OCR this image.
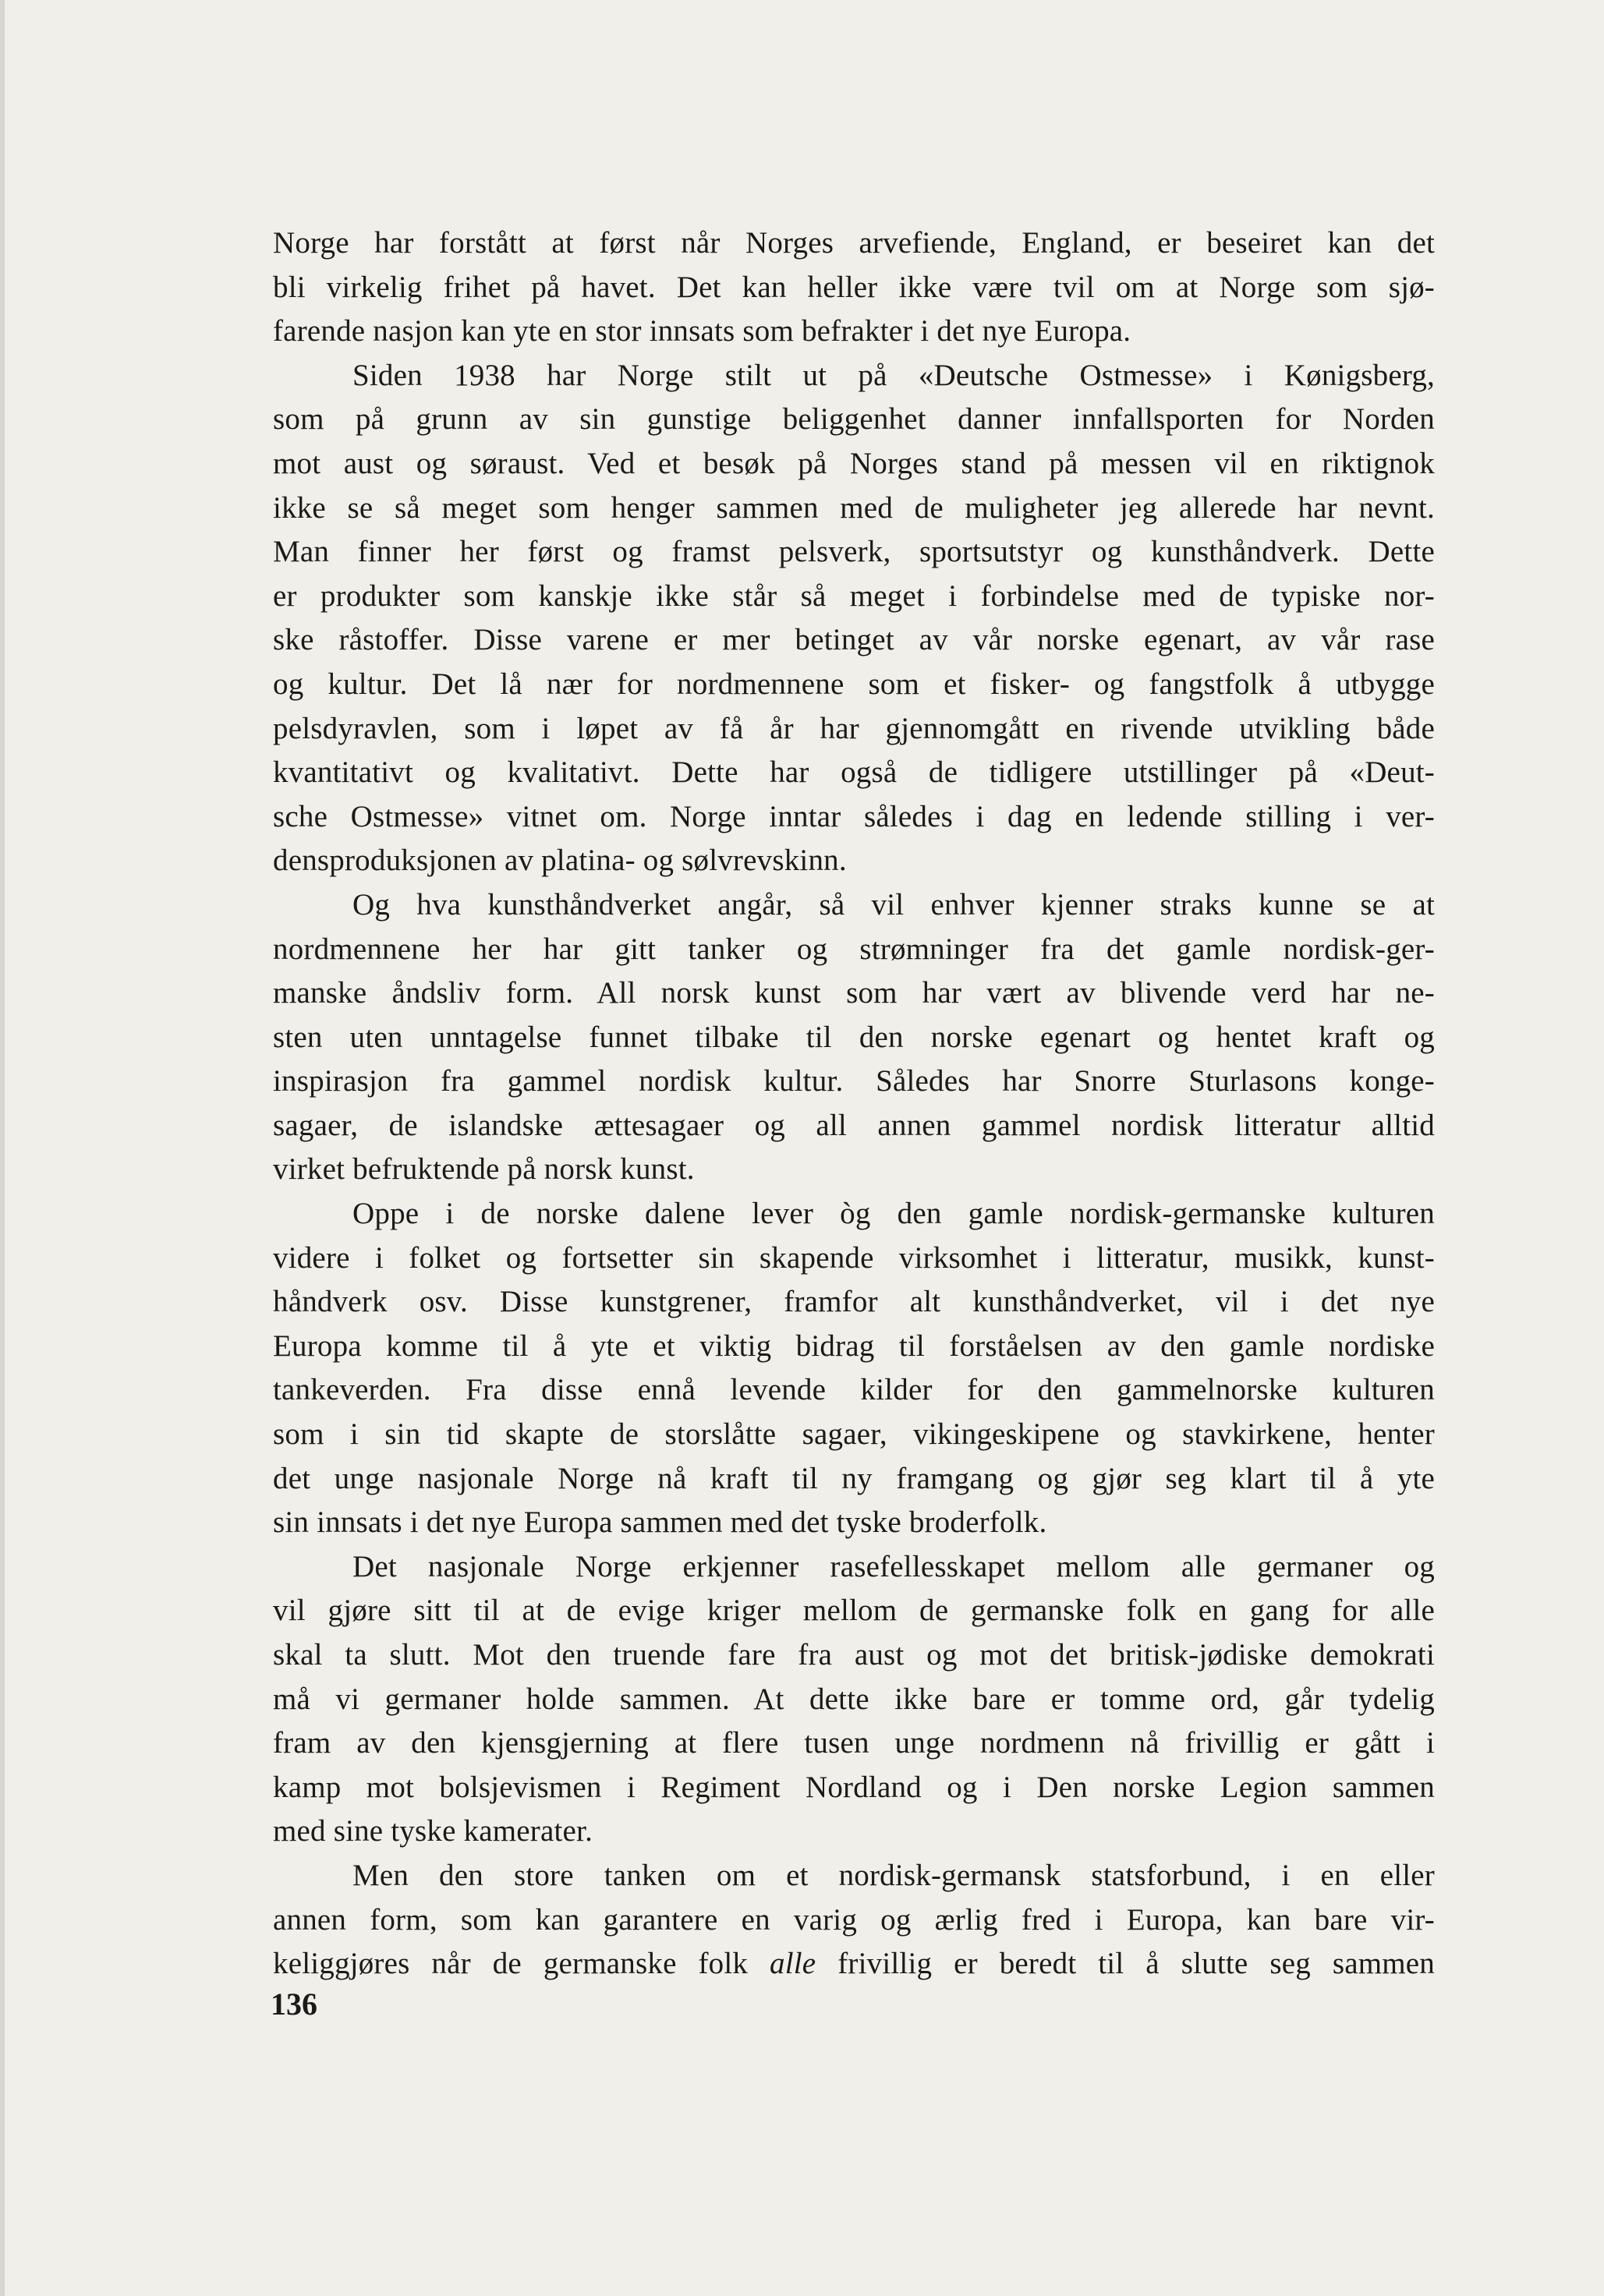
Norge har forstått at først når Norges arvefiende, England, er beseiret kan det
bli virkelig frihet på havet. Det kan heller ikke være tvil om at Norge som sjø-
farende nasjon kan yte en stor innsats som befrakter i det nye Europa.
Siden 1938 har Norge stilt ut på «Deutsche Ostmesse» i Kønigsberg,
som på grunn av sin gunstige beliggenhet danner innfallsporten for Norden
mot aust og søraust. Ved et besøk på Norges stand på messen vil en riktignok
ikke se så meget som henger sammen med de muligheter jeg allerede har nevnt.
Man finner her først og framst pelsverk, sportsutstyr og kunsthåndverk. Dette
er produkter som kanskje ikke står så meget i forbindelse med de typiske nor-
ske råstoffer. Disse varene er mer betinget av vår norske egenart, av vår rase
og kultur. Det lå nær for nordmennene som et fisker- og fangstfolk å utbygge
pelsdyravlen, som i løpet av få år har gjennomgått en rivende utvikling både
kvantitativt og kvalitativt. Dette har også de tidligere utstillinger på «Deut-
sche Ostmesse» vitnet om. Norge inntar således i dag en ledende stilling i ver-
densproduksjonen av platina- og sølvrevskinn.
Og hva kunsthåndverket angår, så vil enhver kjenner straks kunne se at
nordmennene her har gitt tanker og strømninger fra det gamle nordisk-ger-
manske åndsliv form. All norsk kunst som har vært av blivende verd har ne-
sten uten unntagelse funnet tilbake til den norske egenart og hentet kraft og
inspirasjon fra gammel nordisk kultur. Således har Snorre Sturlasons konge-
sagaer, de islandske ættesagaer og all annen gammel nordisk litteratur alltid
virket befruktende på norsk kunst.
Oppe i de norske dalene lever òg den gamle nordisk-germanske kulturen
videre i folket og fortsetter sin skapende virksomhet i litteratur, musikk, kunst-
håndverk osv. Disse kunstgrener, framfor alt kunsthåndverket, vil i det nye
Europa komme til å yte et viktig bidrag til forståelsen av den gamle nordiske
tankeverden. Fra disse ennå levende kilder for den gammelnorske kulturen
som i sin tid skapte de storslåtte sagaer, vikingeskipene og stavkirkene, henter
det unge nasjonale Norge nå kraft til ny framgang og gjør seg klart til å yte
sin innsats i det nye Europa sammen med det tyske broderfolk.
Det nasjonale Norge erkjenner rasefellesskapet mellom alle germaner og
vil gjøre sitt til at de evige kriger mellom de germanske folk en gang for alle
skal ta slutt. Mot den truende fare fra aust og mot det britisk-jødiske demokrati
må vi germaner holde sammen. At dette ikke bare er tomme ord, går tydelig
fram av den kjensgjerning at flere tusen unge nordmenn nå frivillig er gått i
kamp mot bolsjevismen i Regiment Nordland og i Den norske Legion sammen
med sine tyske kamerater.
Men den store tanken om et nordisk-germansk statsforbund, i en eller
annen form, som kan garantere en varig og ærlig fred i Europa, kan bare vir-
keliggjøres når de germanske folk alle frivillig er beredt til å slutte seg sammen
136
